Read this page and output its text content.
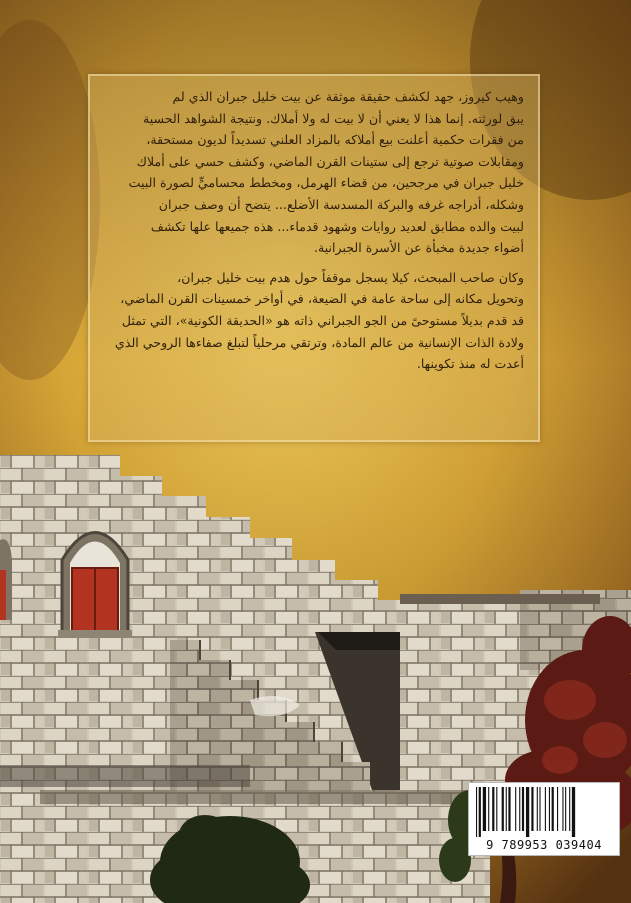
وهيب كيروز، جهد لكشف حقيقة موثقة عن بيت خليل جبران الذي لم
يبق لورثته. إنما هذا لا يعني أن لا بيت له ولا أملاك. ونتيجة الشواهد الحسية
من فقرات حكمية أعلنت بيع أملاكه بالمزاد العلني تسديداً لديون مستحقة،
ومقابلات صوتية ترجع إلى ستينات القرن الماضي، وكشف حسي على أملاك
خليل جبران في مرجحين، من قضاء الهرمل، ومخطط محساميٍّ لصورة البيت
وشكله، أدراجه غرفه والبركة المسدسة الأضلع... يتضح أن وصف جبران
لبيت والده مطابق لعديد روايات وشهود قدماء... هذه جميعها علها تكشف
أضواء جديدة مخبأة عن الأسرة الجبرانية.

وكان صاحب المبحث، كيلا يسجل موقفاً حول هدم بيت خليل جبران،
وتحويل مكانه إلى ساحة عامة في الضيعة، في أواخر خمسينات القرن الماضي،
قد قدم بديلاً مستوحىً من الجو الجبراني ذاته هو «الحديقة الكونية»، التي تمثل
ولادة الذات الإنسانية من عالم المادة، وترتقي مرحلياً لتبلغ صفاءها الروحي الذي
أعدت له منذ تكوينها.

9 789953 039404
